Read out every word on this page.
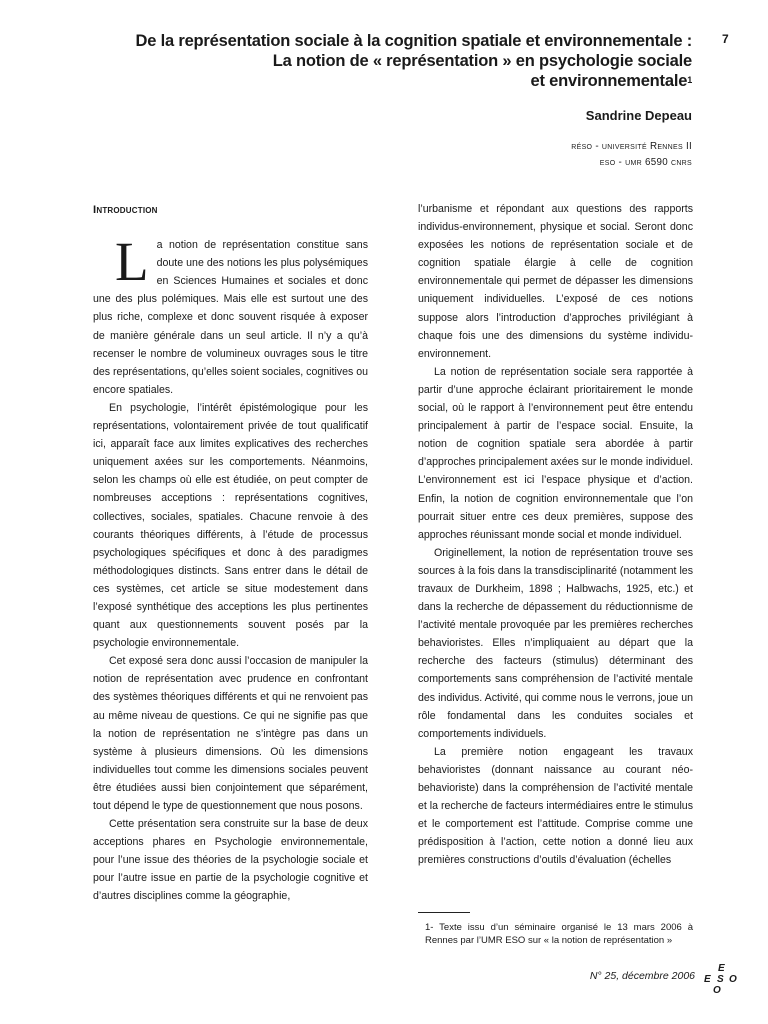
7
De la représentation sociale à la cognition spatiale et environnementale :
La notion de « représentation » en psychologie sociale
et environnementale$^1$
Sandrine Depeau
réso - université Rennes II
eso - umr 6590 cnrs
Introduction

La notion de représentation constitue sans doute une des notions les plus polysémiques en Sciences Humaines et sociales et donc une des plus polémiques. Mais elle est surtout une des plus riche, complexe et donc souvent risquée à exposer de manière générale dans un seul article. Il n’y a qu’à recenser le nombre de volumineux ouvrages sous le titre des représentations, qu’elles soient sociales, cognitives ou encore spatiales.

En psychologie, l’intérêt épistémologique pour les représentations, volontairement privée de tout qualificatif ici, apparaît face aux limites explicatives des recherches uniquement axées sur les comportements. Néanmoins, selon les champs où elle est étudiée, on peut compter de nombreuses acceptions : représentations cognitives, collectives, sociales, spatiales. Chacune renvoie à des courants théoriques différents, à l’étude de processus psychologiques spécifiques et donc à des paradigmes méthodologiques distincts. Sans entrer dans le détail de ces systèmes, cet article se situe modestement dans l’exposé synthétique des acceptions les plus pertinentes quant aux questionnements souvent posés par la psychologie environnementale.

Cet exposé sera donc aussi l’occasion de manipuler la notion de représentation avec prudence en confrontant des systèmes théoriques différents et qui ne renvoient pas au même niveau de questions. Ce qui ne signifie pas que la notion de représentation ne s’intègre pas dans un système à plusieurs dimensions. Où les dimensions individuelles tout comme les dimensions sociales peuvent être étudiées aussi bien conjointement que séparément, tout dépend le type de questionnement que nous posons.

Cette présentation sera construite sur la base de deux acceptions phares en Psychologie environnementale, pour l’une issue des théories de la psychologie sociale et pour l’autre issue en partie de la psychologie cognitive et d’autres disciplines comme la géographie,

l’urbanisme et répondant aux questions des rapports individus-environnement, physique et social. Seront donc exposées les notions de représentation sociale et de cognition spatiale élargie à celle de cognition environnementale qui permet de dépasser les dimensions uniquement individuelles. L’exposé de ces notions suppose alors l’introduction d’approches privilégiant à chaque fois une des dimensions du système individu-environnement.

La notion de représentation sociale sera rapportée à partir d’une approche éclairant prioritairement le monde social, où le rapport à l’environnement peut être entendu principalement à partir de l’espace social. Ensuite, la notion de cognition spatiale sera abordée à partir d’approches principalement axées sur le monde individuel. L’environnement est ici l’espace physique et d’action. Enfin, la notion de cognition environnementale que l’on pourrait situer entre ces deux premières, suppose des approches réunissant monde social et monde individuel.

Originellement, la notion de représentation trouve ses sources à la fois dans la transdisciplinarité (notamment les travaux de Durkheim, 1898 ; Halbwachs, 1925, etc.) et dans la recherche de dépassement du réductionnisme de l’activité mentale provoquée par les premières recherches behavioristes. Elles n’impliquaient au départ que la recherche des facteurs (stimulus) déterminant des comportements sans compréhension de l’activité mentale des individus. Activité, qui comme nous le verrons, joue un rôle fondamental dans les conduites sociales et comportements individuels.

La première notion engageant les travaux behavioristes (donnant naissance au courant néo-behavioriste) dans la compréhension de l’activité mentale et la recherche de facteurs intermédiaires entre le stimulus et le comportement est l’attitude. Comprise comme une prédisposition à l’action, cette notion a donné lieu aux premières constructions d’outils d’évaluation (échelles

1- Texte issu d’un séminaire organisé le 13 mars 2006 à Rennes par l’UMR ESO sur « la notion de représentation »
N° 25, décembre 2006
E
E S O
O
